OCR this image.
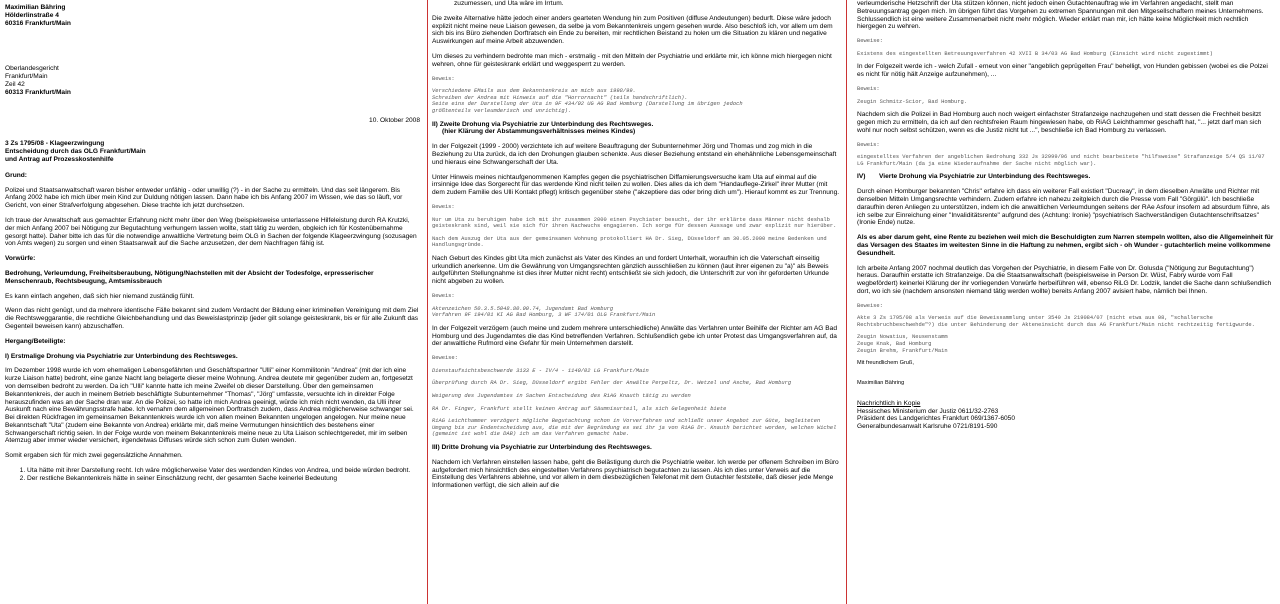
Maximilian Bähring
Hölderlinstraße 4
60316 Frankfurt/Main
Oberlandesgericht
Frankfurt/Main
Zeil 42
60313 Frankfurt/Main
10. Oktober 2008
3 Zs 1795/08 - Klageerzwingung
Entscheidung durch das OLG Frankfurt/Main
und Antrag auf Prozesskostenhilfe

Grund:

Polizei und Staatsanwaltschaft waren bisher entweder unfähig - oder unwillig (?) - in der Sache zu ermitteln. Und das seit längerem. Bis Anfang 2002 habe ich mich über mein Kind zur Duldung nötigen lassen. Dann habe ich bis Anfang 2007 im Wissen, wie das so läuft, vor Gericht, von einer Strafverfolgung abgesehen. Diese trachte ich jetzt durchsetzen.

Ich traue der Anwaltschaft aus gemachter Erfahrung nicht mehr über den Weg (beispielsweise unterlassene Hilfeleistung durch RA Krutzki, der mich Anfang 2007 bei Nötigung zur Begutachtung verhungern lassen wollte, statt tätig zu werden, obgleich ich für Kostenübernahme gesorgt hatte). Daher bitte ich das für die notwendige anwaltliche Vertretung beim OLG in Sachen der folgende Klageerzwingung (sozusagen von Amts wegen) zu sorgen und einen Staatsanwalt auf die Sache anzusetzen, der dem Nachfragen fähig ist.

Vorwürfe:

Bedrohung, Verleumdung, Freiheitsberaubung, Nötigung/Nachstellen mit der Absicht der Todesfolge, erpresserischer Menschenraub, Rechtsbeugung, Amtsmissbrauch

Es kann einfach angehen, daß sich hier niemand zuständig fühlt.

Wenn das nicht genügt, und da mehrere identische Fälle bekannt sind zudem Verdacht der Bildung einer kriminellen Vereinigung mit dem Ziel die Rechtsweggarantie, die rechtliche Gleichbehandlung und das Beweislastprinzip (jeder gilt solange geisteskrank, bis er für alle Zukunft das Gegenteil beweisen kann) abzuschaffen.

Hergang/Beteiligte:

I) Erstmalige Drohung via Psychiatrie zur Unterbindung des Rechtsweges.

Im Dezember 1998 wurde ich vom ehemaligen Lebensgefährten und Geschäftspartner "Ulli" einer Kommilitonin "Andrea" (mit der ich eine kurze Liaison hatte) bedroht, eine ganze Nacht lang belagerte dieser meine Wohnung. Andrea deutete mir gegenüber zudem an, fortgesetzt von demselben bedroht zu werden. Da ich "Ulli" kannte hatte ich meine Zweifel ob dieser Darstellung. Über den gemeinsamen Bekanntenkreis, der auch in meinem Betrieb beschäftigte Subunternehmer "Thomas", "Jörg" umfasste, versuchte ich in direkter Folge herauszufinden was an der Sache dran war. An die Polizei, so hatte ich mich Andrea geeinigt, würde ich mich nicht wenden, da Ulli ihrer Auskunft nach eine Bewährungsstrafe habe. Ich vernahm dem allgemeinen Dorftratsch zudem, dass Andrea möglicherweise schwanger sei. Bei direkten Rückfragen im gemeinsamen Bekanntenkreis wurde ich von allen meinen Bekannten ungelogen angelogen. Nur meine neue Bekanntschaft "Uta" (zudem eine Bekannte von Andrea) erklärte mir, daß meine Vermutungen hinsichtlich des bestehens einer Schwangerschaft richtig seien. In der Folge wurde von meinem Bekanntenkreis meine neue zu Uta Liaison schlechtgeredet, mir im selben Atemzug aber immer wieder versichert, irgendetwas Diffuses würde sich schon zum Guten wenden.

Somit ergaben sich für mich zwei gegensätzliche Annahmen.

1. Uta hätte mit ihrer Darstellung recht. Ich wäre möglicherweise Vater des werdenden Kindes von Andrea, und beide würden bedroht.
2. Der restliche Bekanntenkreis hätte in seiner Einschätzung recht, der gesamten Sache keinerlei Bedeutung

zuzumessen, und Uta wäre im Irrtum.

Die zweite Alternative hätte jedoch einer anders gearteten Wendung hin zum Positiven (diffuse Andeutungen) bedurft. Diese wäre jedoch explizit nicht meine neue Liaison gewesen, da selbe ja vom Bekanntenkreis ungern gesehen wurde. Also beschloß ich, vor allem um dem sich bis ins Büro ziehenden Dorftratsch ein Ende zu bereiten, mir rechtlichen Beistand zu holen um die Situation zu klären und negative Auswirkungen auf meine Arbeit abzuwenden.

Um dieses zu verhindern bedrohte man mich - erstmalig - mit den Mitteln der Psychiatrie und erklärte mir, ich könne mich hiergegen nicht wehren, ohne für geisteskrank erklärt und weggesperrt zu werden.

Beweis:
Verschiedene EMails aus dem Bekanntenkreis an mich aus 1998/99.
Schreiben der Andrea mit Hinweis auf die "Horrornacht" (teils handschriftlich).
Seite eins der Darstellung der Uta in 9F 434/02 UG AG Bad Homburg (Darstellung im übrigen jedoch
größtenteils verleumderisch und unrichtig).
II) Zweite Drohung via Psychiatrie zur Unterbindung des Rechtsweges.
(hier Klärung der Abstammungsverhältnisses meines Kindes)

In der Folgezeit (1999 - 2000) verzichtete ich auf weitere Beauftragung der Subunternehmer Jörg und Thomas und zog mich in die Beziehung zu Uta zurück, da ich den Drohungen glauben schenkte. Aus dieser Beziehung entstand ein ehehähnliche Lebensgemeinschaft und hieraus eine Schwangerschaft der Uta.

Unter Hinweis meines nichtaufgenommenen Kampfes gegen die psychiatrischen Diffamierungsversuche kam Uta auf einmal auf die irrsinnige Idee das Sorgerecht für das werdende Kind nicht teilen zu wollen. Dies alles da ich dem "Handauflege-Zirkel" ihrer Mutter (mit dem zudem Familie des Ulli Kontakt pflegt) kritisch gegenüber stehe ("akzeptiere das oder bring dich um"). Hierauf kommt es zur Trennung.

Beweis:
Nur um Uta zu beruhigen habe ich mit ihr zusammen 2000 einen Psychiater besucht, der ihr erklärte dass Männer nicht deshalb geisteskrank sind, weil sie sich für ihren Nachwuchs engagieren. Ich sorge für dessen Aussage und zwar explizit nur hierüber.
Nach dem Auszug der Uta aus der gemeinsamen Wohnung protokolliert HA Dr. Sieg, Düsseldorf am 30.05.2000 meine Bedenken und Handlungsgründe.

Nach Geburt des Kindes gibt Uta mich zunächst als Vater des Kindes an und fordert Unterhalt, woraufhin ich die Vaterschaft einseitig urkundlich anerkenne. Um die Gewährung von Umgangsrechten gänzlich ausschließen zu können (laut ihrer eigenen zu "a)" als Beweis aufgeführten Stellungnahme ist dies ihrer Mutter nicht recht) entschließt sie sich jedoch, die Unterschrift zur von ihr geforderten Urkunde nicht abgeben zu wollen.

Beweis:
Aktenzeichen 50.3.5.5048.80.00.74, Jugendamt Bad Homburg
Verfahren 9F 194/01 KI AG Bad Homburg, 3 WF 174/01 OLG Frankfurt/Main

In der Folgezeit verzögern (auch meine und zudem mehrere unterschiedliche) Anwälte das Verfahren unter Beihilfe der Richter am AG Bad Homburg und des Jugendamtes die das Kind betreffenden Verfahren. Schlußendlich gebe ich unter Protest das Umgangsverfahren auf, da der anwaltliche Rufmord eine Gefahr für mein Unternehmen darstellt.

Beweise:
Dienstaufsichtsbeschwerde 3133 E - IV/4 - 1140/02 LG Frankfurt/Main
Überprüfung durch RA Dr. Sieg, Düsseldorf ergibt Fehler der Anwälte Perpeltz, Dr. Wetzel und Asche, Bad Homburg
Weigerung des Jugendamtes in Sachen Entscheidung des RiAG Knauth tätig zu werden
RA Dr. Finger, Frankfurt stellt keinen Antrag auf Säumnisurteil, als sich Gelegenheit biete
RiAG Leichthammer verzögert mögliche Begutachtung schon in Vorverfahren und schließt unser Angebot zur Güte, begleiteten Umgang bis zur Endentscheidung aus, die mit der Begründung es sei ihr ja von RiAG Dr. Knauth berichtet worden, welchen Wichel (gemeint ist wohl die DAB) ich um das Verfahren gemacht habe.
III) Dritte Drohung via Psychiatrie zur Unterbindung des Rechtsweges.

Nachdem ich Verfahren einstellen lassen habe, geht die Belästigung durch die Psychiatrie weiter. Ich werde per offenem Schreiben im Büro aufgefordert mich hinsichtlich des eingestellten Verfahrens psychiatrisch begutachten zu lassen. Als ich dies unter Verweis auf die Einstellung des Verfahrens ablehne, und vor allem in dem diesbezüglichen Telefonat mit dem Gutachter feststelle, daß dieser jede Menge Informationen verfügt, die sich allein auf die

verleumderische Hetzschrift der Uta stützen können, nicht jedoch einen Gutachtenauftrag wie im Verfahren angedacht, stellt man Betreuungsantrag gegen mich. Im übrigen führt das Vorgehen zu extremen Spannungen mit den Mitgesellschaftern meines Unternehmens. Schlussendlich ist eine weitere Zusammenarbeit nicht mehr möglich. Wieder erklärt man mir, ich hätte keine Möglichkeit mich rechtlich hiergegen zu wehren.

Beweise:
Existens des eingestellten Betreuungsverfahren 42 XVII B 34/03 AG Bad Homburg (Einsicht wird nicht zugestimmt)

In der Folgezeit werde ich - welch Zufall - erneut von einer "angeblich geprügelten Frau" behelligt, von Hunden gebissen (wobei es die Polzei es nicht für nötig hält Anzeige aufzunehmen), ...

Beweis:
Zeugin Schmitz-Scior, Bad Homburg.

Nachdem sich die Polizei in Bad Homburg auch noch weigert einfachster Strafanzeige nachzugehen und statt dessen die Frechheit besitzt gegen mich zu ermitteln, da ich auf den rechtsfreien Raum hingewiesen habe, ob RiAG Leichthammer geschafft hat, "... jetzt darf man sich wohl nur noch selbst schützen, wenn es die Justiz nicht tut ...", beschließe ich Bad Homburg zu verlassen.

Beweis:
eingestelltes Verfahren der angeblichen Bedrohung 332 Js 32999/06 und nicht bearbeitete "hilfsweise" Strafanzeige 5/4 QS 11/07 LG Frankfurt/Main (da ja eine Wiederaufnahme der Sache nicht möglich war).
IV)	Vierte Drohung via Psychiatrie zur Unterbindung des Rechtsweges.

Durch einen Homburger bekannten "Chris" erfahre ich dass ein weiterer Fall existiert "Ducreay", in dem dieselben Anwälte und Richter mit denselben Mitteln Umgangsrechte verhindern. Zudem erfahre ich nahezu zeitgleich durch die Presse vom Fall "Görgülü". Ich beschließe daraufhin deren Anliegen zu unterstützen, indem ich die anwaltlichen Verleumdungen seitens der RAe Asfour insofern ad absurdum führe, als ich selbe zur Einreichung einer "Invaliditätsrente" aufgrund des (Achtung: Ironie) "psychiatrisch Sachverständigen Gutachtenschriftsatzes" (Ironie Ende) nutze.

Als es aber darum geht, eine Rente zu beziehen weil mich die Beschuldigten zum Narren stempeln wollten, also die Allgemeinheit für das Versagen des Staates im weitesten Sinne in die Haftung zu nehmen, ergibt sich - oh Wunder - gutachterlich meine vollkommene Gesundheit.

Ich arbeite Anfang 2007 nochmal deutlich das Vorgehen der Psychiatrie, in diesem Falle von Dr. Golusda ("Nötigung zur Begutachtung") heraus. Daraufhin erstatte ich Strafanzeige. Da die Staatsanwaltschaft (beispielsweise in Person Dr. Wüst, Fabry wurde vom Fall wegbefördert) keinerlei Klärung der ihr vorliegenden Vorwürfe herbeiführen will, ebenso RiLG Dr. Lodzik, landet die Sache dann schlußendlich dort, wo ich sie (nachdem ansonsten niemand tätig werden wollte) bereits Anfang 2007 avisiert habe, nämlich bei Ihnen.

Beweise:
Akte 3 Zs 1795/08 als Verweis auf die Beweissammlung unter 3540 Js 219084/07 (nicht etwa aus 08, "schallersche Rechtsbruchbeschwehde"?) die unter Behinderung der Akteneinsicht durch das AG Frankfurt/Main nicht rechtzeitig fertigwurde.
Zeugin Nowatius, Neusenstamm
Zeuge Knak, Bad Homburg
Zeugin Brehm, Frankfurt/Main

Mit freundlichem Gruß,

Maximilian Bähring

Nachrichtlich in Kopie
Hessisches Ministerium der Justiz 0611/32-2763
Präsident des Landgerichtes Frankfurt 069/1367-6050
Generalbundesanwalt Karlsruhe 0721/8191-590
